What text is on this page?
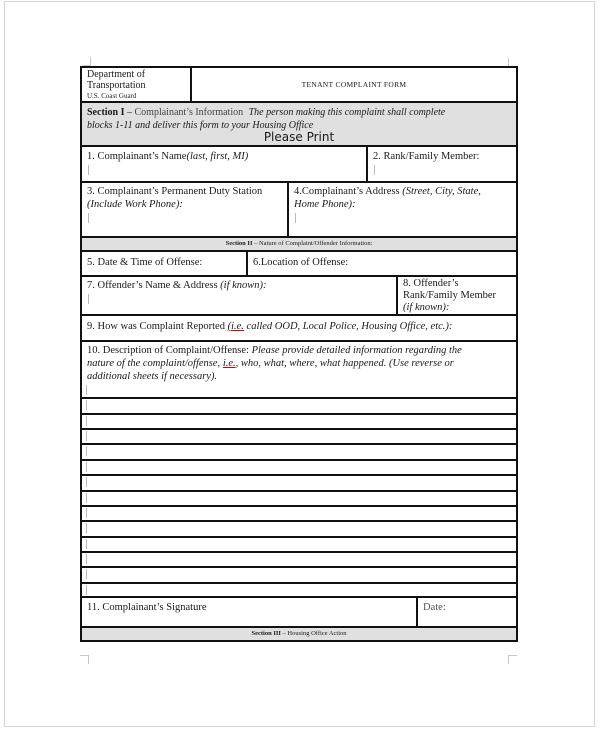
Department of
Transportation
U.S. Coast Guard
TENANT COMPLAINT FORM
Section I – Complainant’s Information The person making this complaint shall complete
blocks 1-11 and deliver this form to your Housing Office
Please Print
1. Complainant’s Name(last, first, MI)	2. Rank/Family Member:
3. Complainant’s Permanent Duty Station
(Include Work Phone):
4.Complainant’s Address (Street, City, State,
Home Phone):
Section II – Nature of Complaint/Offender Information:
5. Date & Time of Offense:	6.Location of Offense:
7. Offender’s Name & Address (if known):	8. Offender’s
Rank/Family Member
(if known):
9. How was Complaint Reported (i.e. called OOD, Local Police, Housing Office, etc.):
10. Description of Complaint/Offense: Please provide detailed information regarding the
nature of the complaint/offense, i.e., who, what, where, what happened. (Use reverse or
additional sheets if necessary).
11. Complainant’s Signature	Date:
Section III – Housing Office Action
